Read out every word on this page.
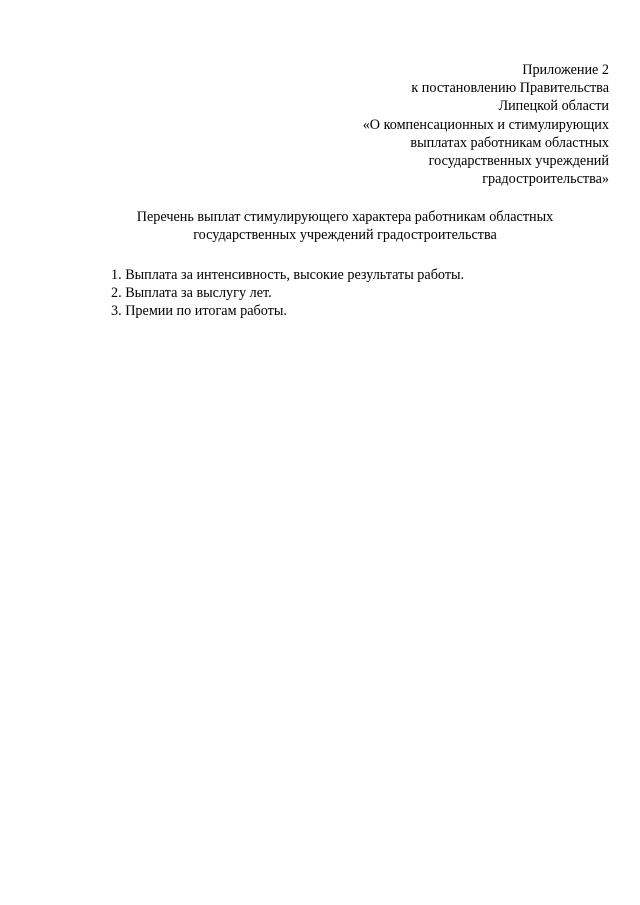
Приложение 2
к постановлению Правительства
Липецкой области
«О компенсационных и стимулирующих
выплатах работникам областных
государственных учреждений
градостроительства»
Перечень выплат стимулирующего характера работникам областных
государственных учреждений градостроительства
1. Выплата за интенсивность, высокие результаты работы.
2. Выплата за выслугу лет.
3. Премии по итогам работы.
